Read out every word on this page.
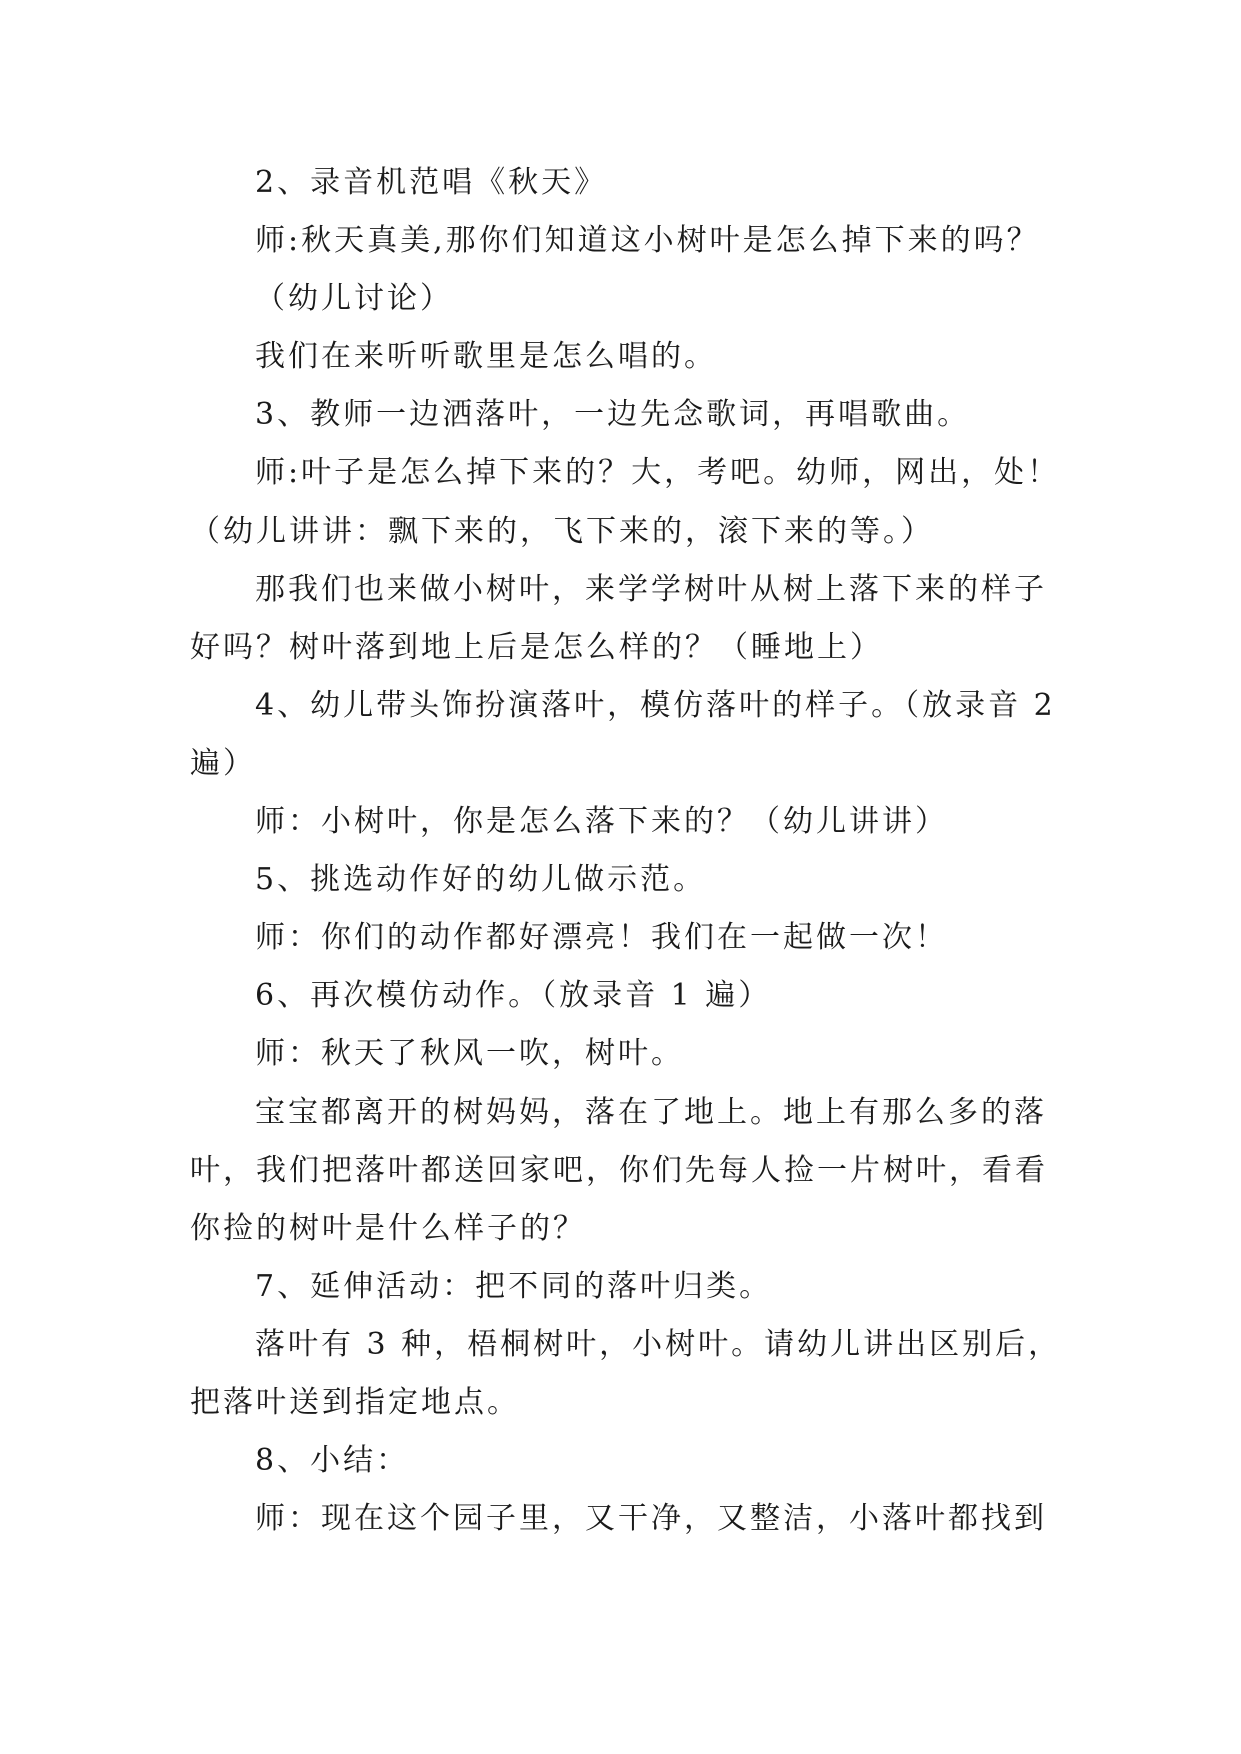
2、录音机范唱《秋天》
师:秋天真美,那你们知道这小树叶是怎么掉下来的吗？
（幼儿讨论）
我们在来听听歌里是怎么唱的。
3、教师一边洒落叶，一边先念歌词，再唱歌曲。
师:叶子是怎么掉下来的？大，考吧。幼师，网出，处！
（幼儿讲讲：飘下来的，飞下来的，滚下来的等。）
那我们也来做小树叶，来学学树叶从树上落下来的样子
好吗？树叶落到地上后是怎么样的？（睡地上）
4、幼儿带头饰扮演落叶，模仿落叶的样子。（放录音 2
遍）
师：小树叶，你是怎么落下来的？（幼儿讲讲）
5、挑选动作好的幼儿做示范。
师：你们的动作都好漂亮！我们在一起做一次！
6、再次模仿动作。（放录音 1 遍）
师：秋天了秋风一吹，树叶。
宝宝都离开的树妈妈，落在了地上。地上有那么多的落
叶，我们把落叶都送回家吧，你们先每人捡一片树叶，看看
你捡的树叶是什么样子的？
7、延伸活动：把不同的落叶归类。
落叶有 3 种，梧桐树叶，小树叶。请幼儿讲出区别后，
把落叶送到指定地点。
8、小结：
师：现在这个园子里，又干净，又整洁，小落叶都找到
